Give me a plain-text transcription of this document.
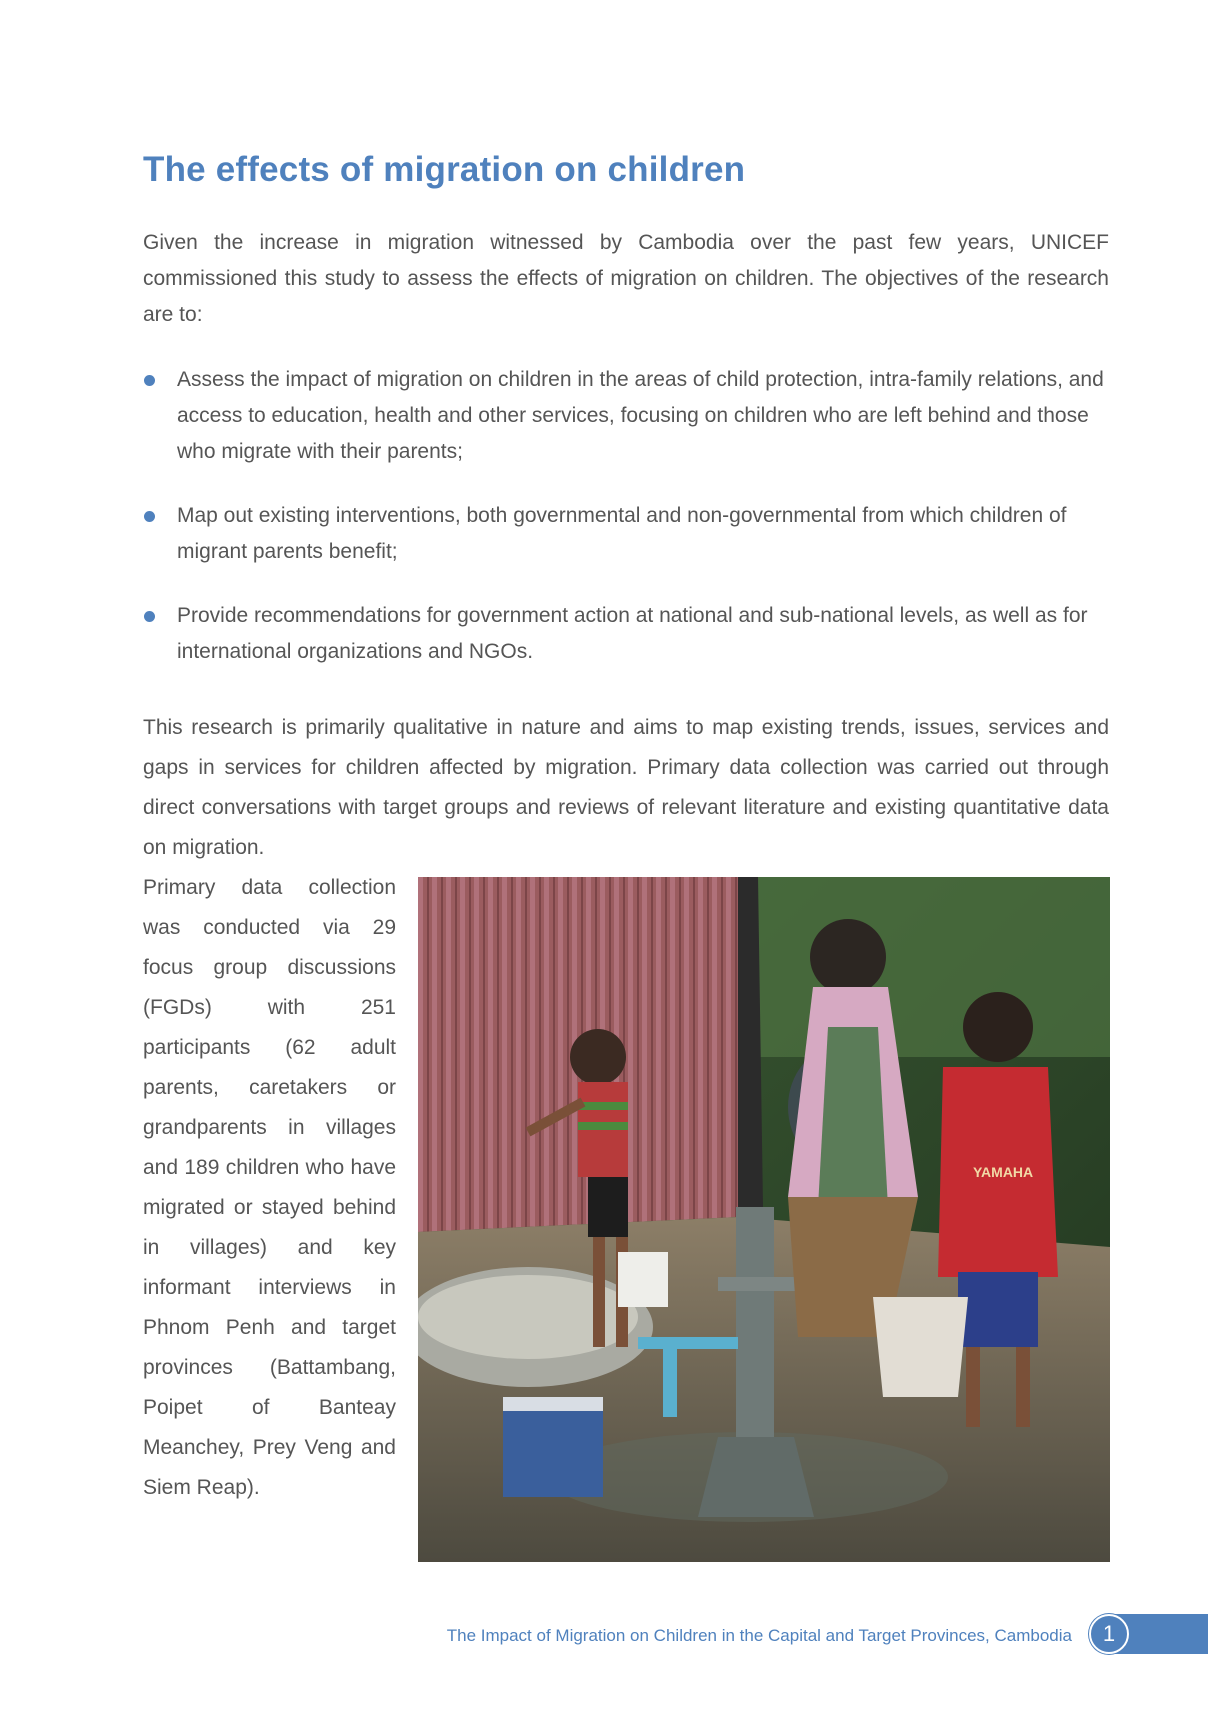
The effects of migration on children

Given the increase in migration witnessed by Cambodia over the past few years, UNICEF commissioned this study to assess the effects of migration on children. The objectives of the research are to:

Assess the impact of migration on children in the areas of child protection, intra-family relations, and access to education, health and other services, focusing on children who are left behind and those who migrate with their parents;
Map out existing interventions, both governmental and non-governmental from which children of migrant parents benefit;
Provide recommendations for government action at national and sub-national levels, as well as for international organizations and NGOs.

This research is primarily qualitative in nature and aims to map existing trends, issues, services and gaps in services for children affected by migration. Primary data collection was carried out through direct conversations with target groups and reviews of relevant literature and existing quantitative data on migration.

Primary data collection was conducted via 29 focus group discussions (FGDs) with 251 participants (62 adult parents, caretakers or grandparents in villages and 189 children who have migrated or stayed behind in villages) and key informant interviews in Phnom Penh and target provinces (Battambang, Poipet of Banteay Meanchey, Prey Veng and Siem Reap).

YAMAHA
The Impact of Migration on Children in the Capital and Target Provinces, Cambodia	1
